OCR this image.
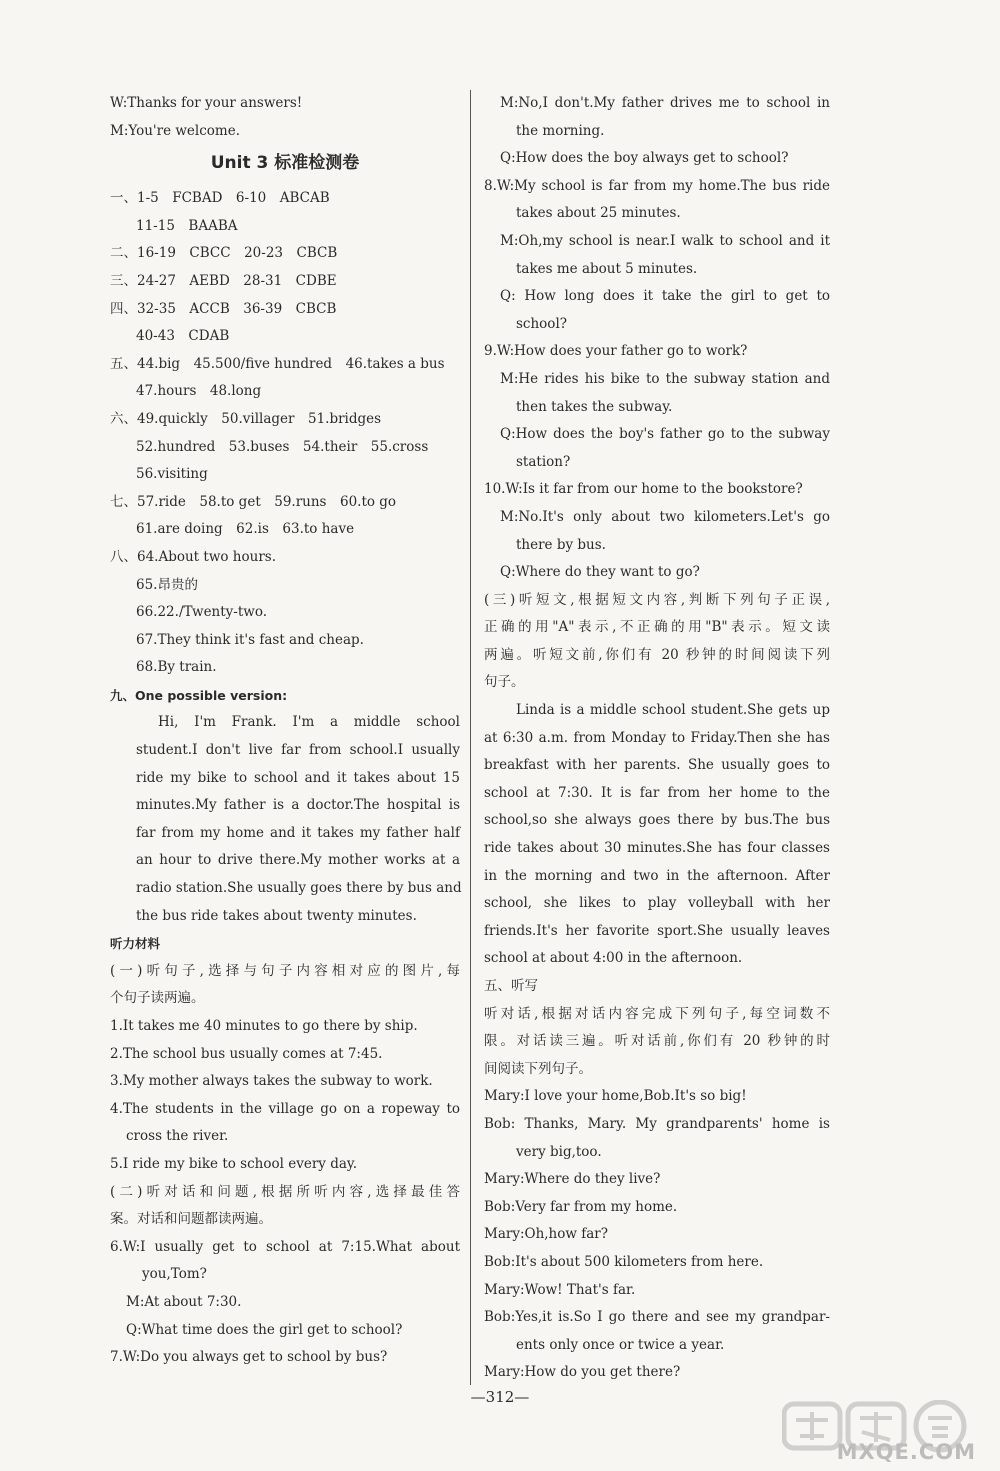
W:Thanks for your answers!
M:You're welcome.
Unit 3 标准检测卷
一、1-5　FCBAD　6-10　ABCAB
11-15　BAABA
二、16-19　CBCC　20-23　CBCB
三、24-27　AEBD　28-31　CDBE
四、32-35　ACCB　36-39　CBCB
40-43　CDAB
五、44.big　45.500/five hundred　46.takes a bus
47.hours　48.long
六、49.quickly　50.villager　51.bridges
52.hundred　53.buses　54.their　55.cross
56.visiting
七、57.ride　58.to get　59.runs　60.to go
61.are doing　62.is　63.to have
八、64.About two hours.
65.昂贵的
66.22./Twenty-two.
67.They think it's fast and cheap.
68.By train.
九、One possible version:
Hi, I'm Frank. I'm a middle school
student.I don't live far from school.I usually
ride my bike to school and it takes about 15
minutes.My father is a doctor.The hospital is
far from my home and it takes my father half
an hour to drive there.My mother works at a
radio station.She usually goes there by bus and
the bus ride takes about twenty minutes.
听力材料
(一)听句子,选择与句子内容相对应的图片,每
个句子读两遍。
1.It takes me 40 minutes to go there by ship.
2.The school bus usually comes at 7:45.
3.My mother always takes the subway to work.
4.The students in the village go on a ropeway to
cross the river.
5.I ride my bike to school every day.
(二)听对话和问题,根据所听内容,选择最佳答
案。对话和问题都读两遍。
6.W:I usually get to school at 7:15.What about
you,Tom?
M:At about 7:30.
Q:What time does the girl get to school?
7.W:Do you always get to school by bus?
M:No,I don't.My father drives me to school in
the morning.
Q:How does the boy always get to school?
8.W:My school is far from my home.The bus ride
takes about 25 minutes.
M:Oh,my school is near.I walk to school and it
takes me about 5 minutes.
Q: How long does it take the girl to get to
school?
9.W:How does your father go to work?
M:He rides his bike to the subway station and
then takes the subway.
Q:How does the boy's father go to the subway
station?
10.W:Is it far from our home to the bookstore?
M:No.It's only about two kilometers.Let's go
there by bus.
Q:Where do they want to go?
(三)听短文,根据短文内容,判断下列句子正误,
正确的用"A"表示,不正确的用"B"表示。短文读
两遍。听短文前,你们有 20 秒钟的时间阅读下列
句子。
Linda is a middle school student.She gets up
at 6:30 a.m. from Monday to Friday.Then she has
breakfast with her parents. She usually goes to
school at 7:30. It is far from her home to the
school,so she always goes there by bus.The bus
ride takes about 30 minutes.She has four classes
in the morning and two in the afternoon. After
school, she likes to play volleyball with her
friends.It's her favorite sport.She usually leaves
school at about 4:00 in the afternoon.
五、听写
听对话,根据对话内容完成下列句子,每空词数不
限。对话读三遍。听对话前,你们有 20 秒钟的时
间阅读下列句子。
Mary:I love your home,Bob.It's so big!
Bob: Thanks, Mary. My grandparents' home is
very big,too.
Mary:Where do they live?
Bob:Very far from my home.
Mary:Oh,how far?
Bob:It's about 500 kilometers from here.
Mary:Wow! That's far.
Bob:Yes,it is.So I go there and see my grandpar-
ents only once or twice a year.
Mary:How do you get there?
—312—
MXQE.COM
